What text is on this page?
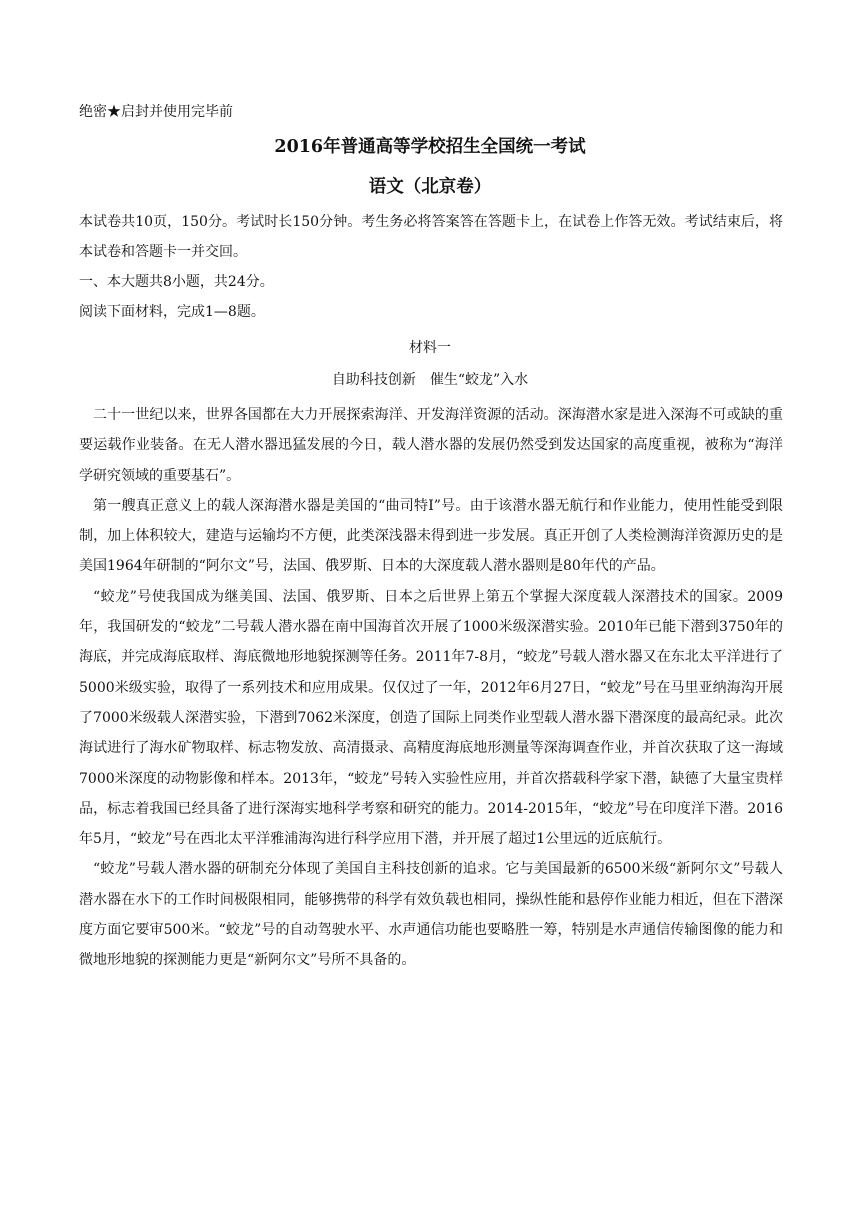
绝密★启封并使用完毕前
2016年普通高等学校招生全国统一考试
语文（北京卷）

本试卷共10页，150分。考试时长150分钟。考生务必将答案答在答题卡上，在试卷上作答无效。考试结束后，将本试卷和答题卡一并交回。

一、本大题共8小题，共24分。

阅读下面材料，完成1—8题。

材料一
自助科技创新　催生“蛟龙”入水

二十一世纪以来，世界各国都在大力开展探索海洋、开发海洋资源的活动。深海潜水家是进入深海不可或缺的重要运载作业装备。在无人潜水器迅猛发展的今日，载人潜水器的发展仍然受到发达国家的高度重视，被称为“海洋学研究领域的重要基石”。

第一艘真正意义上的载人深海潜水器是美国的“曲司特I”号。由于该潜水器无航行和作业能力，使用性能受到限制，加上体积较大，建造与运输均不方便，此类深浅器未得到进一步发展。真正开创了人类检测海洋资源历史的是美国1964年研制的“阿尔文”号，法国、俄罗斯、日本的大深度载人潜水器则是80年代的产品。

“蛟龙”号使我国成为继美国、法国、俄罗斯、日本之后世界上第五个掌握大深度载人深潜技术的国家。2009年，我国研发的“蛟龙”二号载人潜水器在南中国海首次开展了1000米级深潜实验。2010年已能下潜到3750年的海底，并完成海底取样、海底微地形地貌探测等任务。2011年7-8月，“蛟龙”号载人潜水器又在东北太平洋进行了5000米级实验，取得了一系列技术和应用成果。仅仅过了一年，2012年6月27日，“蛟龙”号在马里亚纳海沟开展了7000米级载人深潜实验，下潜到7062米深度，创造了国际上同类作业型载人潜水器下潜深度的最高纪录。此次海试进行了海水矿物取样、标志物发放、高清摄录、高精度海底地形测量等深海调查作业，并首次获取了这一海域7000米深度的动物影像和样本。2013年，“蛟龙”号转入实验性应用，并首次搭载科学家下潜，缺德了大量宝贵样品，标志着我国已经具备了进行深海实地科学考察和研究的能力。2014-2015年，“蛟龙”号在印度洋下潜。2016年5月，“蛟龙”号在西北太平洋雅浦海沟进行科学应用下潜，并开展了超过1公里远的近底航行。

“蛟龙”号载人潜水器的研制充分体现了美国自主科技创新的追求。它与美国最新的6500米级“新阿尔文”号载人潜水器在水下的工作时间极限相同，能够携带的科学有效负载也相同，操纵性能和悬停作业能力相近，但在下潜深度方面它要审500米。“蛟龙”号的自动驾驶水平、水声通信功能也要略胜一筹，特别是水声通信传输图像的能力和微地形地貌的探测能力更是“新阿尔文”号所不具备的。
